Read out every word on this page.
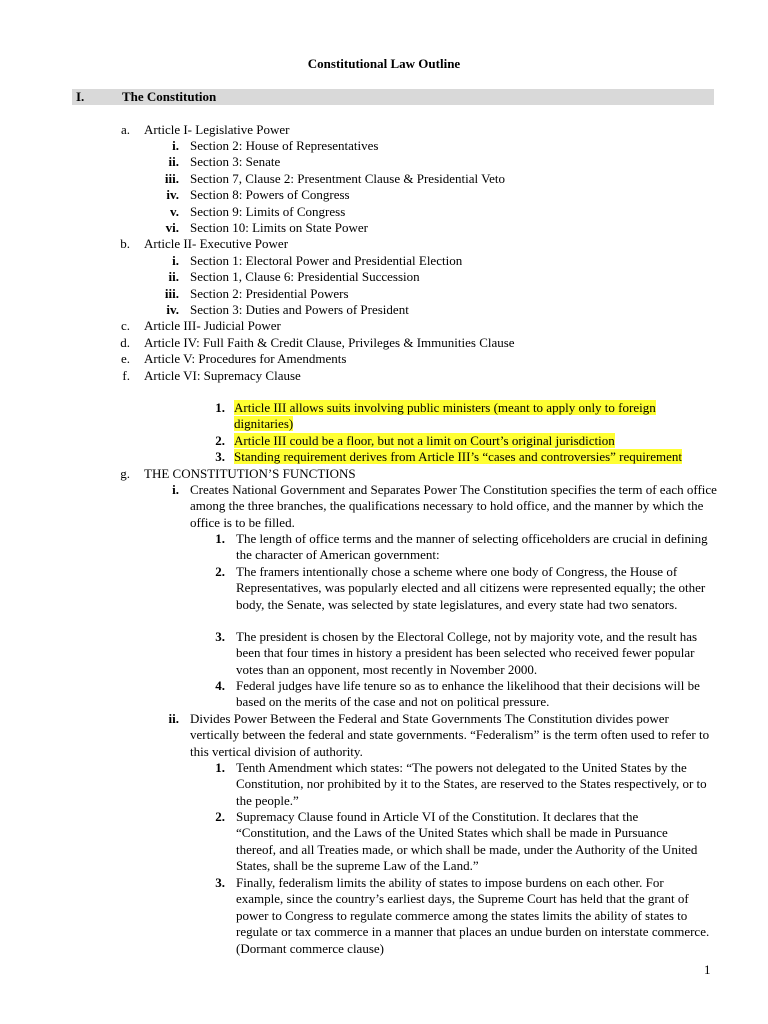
Constitutional Law Outline
I.	The Constitution
a. Article I- Legislative Power
i. Section 2: House of Representatives
ii. Section 3: Senate
iii. Section 7, Clause 2: Presentment Clause & Presidential Veto
iv. Section 8: Powers of Congress
v. Section 9: Limits of Congress
vi. Section 10: Limits on State Power
b. Article II- Executive Power
i. Section 1: Electoral Power and Presidential Election
ii. Section 1, Clause 6: Presidential Succession
iii. Section 2: Presidential Powers
iv. Section 3: Duties and Powers of President
c. Article III- Judicial Power
d. Article IV: Full Faith & Credit Clause, Privileges & Immunities Clause
e. Article V: Procedures for Amendments
f. Article VI: Supremacy Clause
1. Article III allows suits involving public ministers (meant to apply only to foreign
dignitaries)
2. Article III could be a floor, but not a limit on Court’s original jurisdiction
3. Standing requirement derives from Article III’s “cases and controversies” requirement
g. THE CONSTITUTION’S FUNCTIONS
i. Creates National Government and Separates Power The Constitution specifies the term of each office among the three branches, the qualifications necessary to hold office, and the manner by which the office is to be filled.
1. The length of office terms and the manner of selecting officeholders are crucial in defining the character of American government:
2. The framers intentionally chose a scheme where one body of Congress, the House of Representatives, was popularly elected and all citizens were represented equally; the other body, the Senate, was selected by state legislatures, and every state had two senators.
3. The president is chosen by the Electoral College, not by majority vote, and the result has been that four times in history a president has been selected who received fewer popular votes than an opponent, most recently in November 2000.
4. Federal judges have life tenure so as to enhance the likelihood that their decisions will be based on the merits of the case and not on political pressure.
ii. Divides Power Between the Federal and State Governments The Constitution divides power vertically between the federal and state governments. “Federalism” is the term often used to refer to this vertical division of authority.
1. Tenth Amendment which states: “The powers not delegated to the United States by the Constitution, nor prohibited by it to the States, are reserved to the States respectively, or to the people.”
2. Supremacy Clause found in Article VI of the Constitution. It declares that the “Constitution, and the Laws of the United States which shall be made in Pursuance thereof, and all Treaties made, or which shall be made, under the Authority of the United States, shall be the supreme Law of the Land.”
3. Finally, federalism limits the ability of states to impose burdens on each other. For example, since the country’s earliest days, the Supreme Court has held that the grant of power to Congress to regulate commerce among the states limits the ability of states to regulate or tax commerce in a manner that places an undue burden on interstate commerce. (Dormant commerce clause)
1
